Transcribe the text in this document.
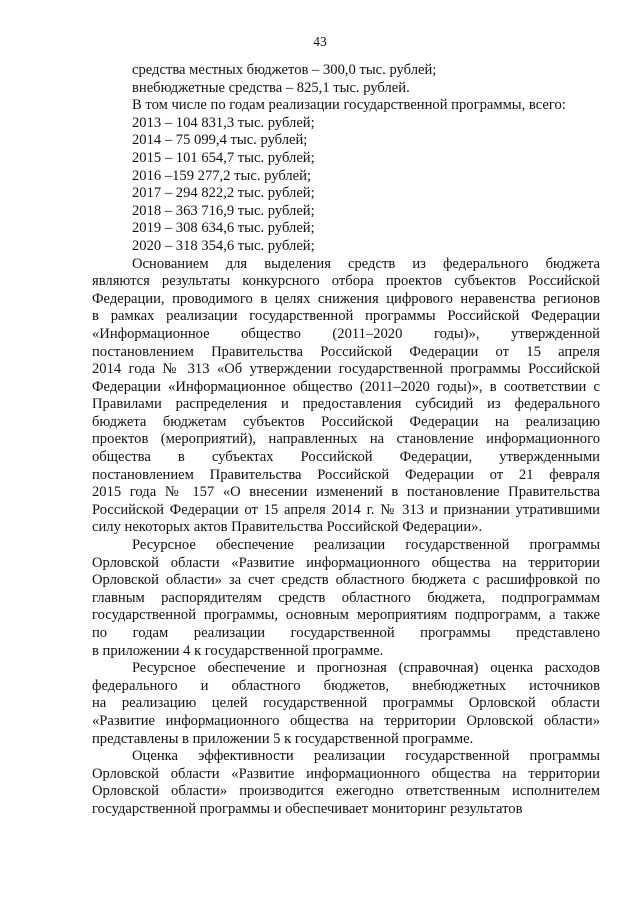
43
средства местных бюджетов – 300,0 тыс. рублей;
внебюджетные средства – 825,1 тыс. рублей.
В том числе по годам реализации государственной программы, всего:
2013 – 104 831,3 тыс. рублей;
2014 – 75 099,4 тыс. рублей;
2015 – 101 654,7 тыс. рублей;
2016 –159 277,2 тыс. рублей;
2017 – 294 822,2 тыс. рублей;
2018 – 363 716,9 тыс. рублей;
2019 – 308 634,6 тыс. рублей;
2020 – 318 354,6 тыс. рублей;
Основанием для выделения средств из федерального бюджета
являются результаты конкурсного отбора проектов субъектов Российской
Федерации, проводимого в целях снижения цифрового неравенства регионов
в рамках реализации государственной программы Российской Федерации
«Информационное общество (2011–2020 годы)», утвержденной
постановлением Правительства Российской Федерации от 15 апреля
2014 года № 313 «Об утверждении государственной программы Российской
Федерации «Информационное общество (2011–2020 годы)», в соответствии с
Правилами распределения и предоставления субсидий из федерального
бюджета бюджетам субъектов Российской Федерации на реализацию
проектов (мероприятий), направленных на становление информационного
общества в субъектах Российской Федерации, утвержденными
постановлением Правительства Российской Федерации от 21 февраля
2015 года № 157 «О внесении изменений в постановление Правительства
Российской Федерации от 15 апреля 2014 г. № 313 и признании утратившими
силу некоторых актов Правительства Российской Федерации».
Ресурсное обеспечение реализации государственной программы
Орловской области «Развитие информационного общества на территории
Орловской области» за счет средств областного бюджета с расшифровкой по
главным распорядителям средств областного бюджета, подпрограммам
государственной программы, основным мероприятиям подпрограмм, а также
по годам реализации государственной программы представлено
в приложении 4 к государственной программе.
Ресурсное обеспечение и прогнозная (справочная) оценка расходов
федерального и областного бюджетов, внебюджетных источников
на реализацию целей государственной программы Орловской области
«Развитие информационного общества на территории Орловской области»
представлены в приложении 5 к государственной программе.
Оценка эффективности реализации государственной программы
Орловской области «Развитие информационного общества на территории
Орловской области» производится ежегодно ответственным исполнителем
государственной программы и обеспечивает мониторинг результатов
